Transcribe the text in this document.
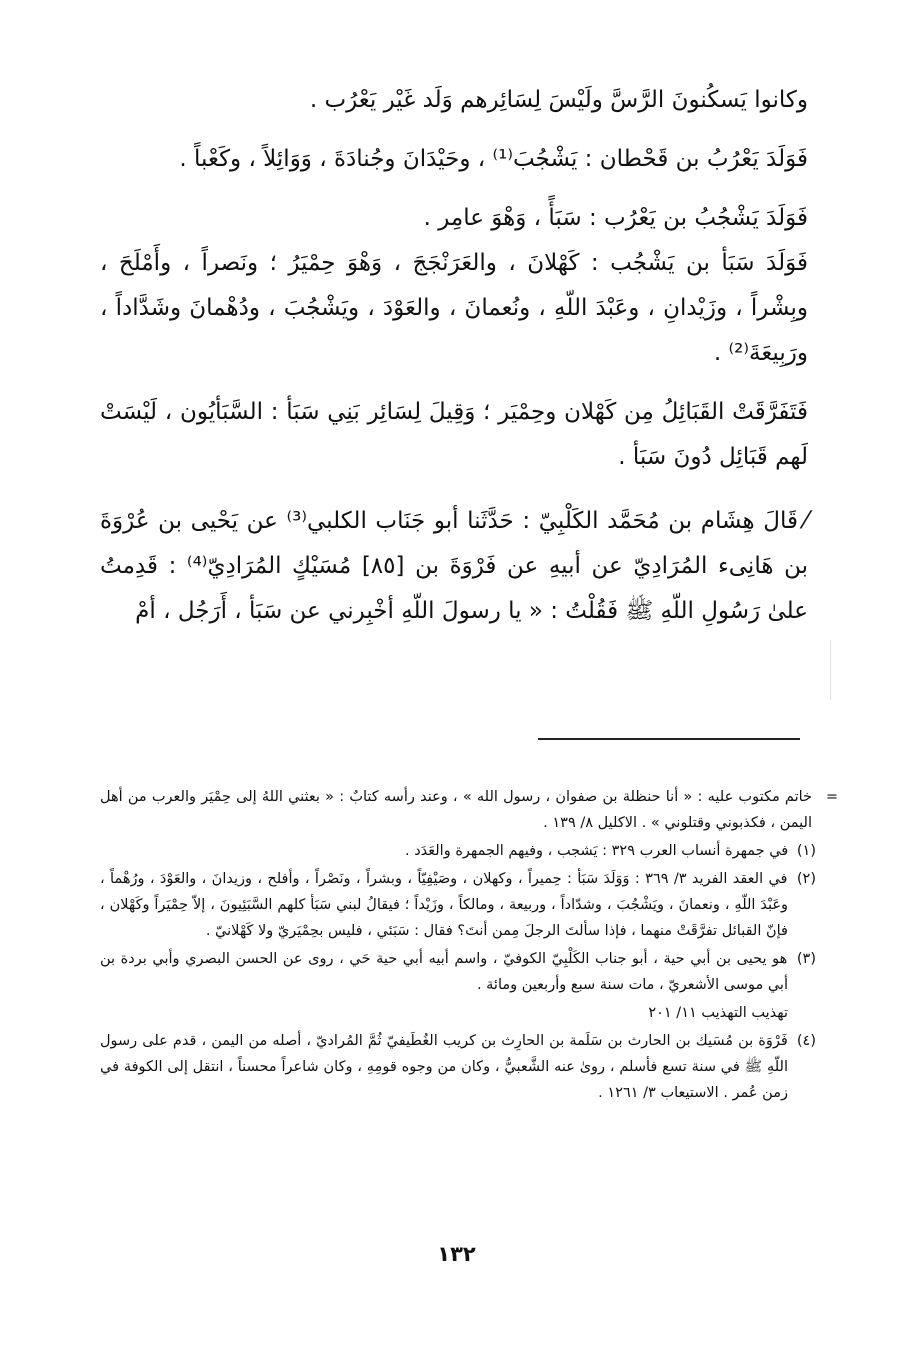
وكانوا يَسكُنونَ الرَّسَّ ولَيْسَ لِسَائِرهم وَلَد غَيْر يَعْرُب .

فَوَلَدَ يَعْرُبُ بن قَحْطان : يَشْجُبَ⁽¹⁾ ، وحَيْدَانَ وجُنادَةَ ، وَوَائِلاً ، وكَعْباً .

فَوَلَدَ يَشْجُبُ بن يَعْرُب : سَبَأً ، وَهْوَ عامِر .

فَوَلَدَ سَبَأ بن يَشْجُب : كَهْلانَ ، والعَرَنْجَجَ ، وَهْوَ حِمْيَرُ ؛ ونَصراً ، وأَمْلَحَ ، وبِشْراً ، وزَيْدانِ ، وعَبْدَ اللّهِ ، ونُعمانَ ، والعَوْدَ ، ويَشْجُبَ ، ودُهْمانَ وشَدَّاداً ، ورَبِيعَةَ⁽²⁾ .

فَتَفَرَّقَتْ القَبَائِلُ مِن كَهْلان وحِمْيَر ؛ وَقِيلَ لِسَائِر بَنِي سَبَأ : السَّبَأيُون ، لَيْسَتْ لَهم قَبَائِل دُونَ سَبَأ .

⁄قَالَ هِشَام بن مُحَمَّد الكَلْبِيّ : حَدَّثَنا أبو جَنَاب الكلبي⁽³⁾ عن يَحْيى بن عُرْوَةَ بن هَانِىء المُرَادِيّ عن أبيهِ عن فَرْوَةَ بن [٨٥] مُسَيْكٍ المُرَادِيّ⁽⁴⁾ : قَدِمتُ علىٰ رَسُولِ اللّهِ ﷺ فَقُلْتُ : « يا رسولَ اللّهِ أخْبِرني عن سَبَأ ، أَرَجُل ، أمْ

=
خاتم مكتوب عليه : « أنا حنظلة بن صفوان ، رسول الله » ، وعند رأسه كتابٌ : « بعثني اللهُ إلى حِمْيَر والعرب من أهل اليمن ، فكذبوني وقتلوني » . الاكليل ٨/ ١٣٩ .

(١) في جمهرة أنساب العرب ٣٢٩ : يَشجب ، وفيهم الجمهرة والعَدَد .

(٢) في العقد الفريد ٣/ ٣٦٩ : وَوَلَدَ سَبَأ : حِميراً ، وكهلان ، وصَيْفِيّاً ، وبشراً ، ونَصْراً ، وأفلح ، وزيدانَ ، والعَوْدَ ، ورُهْماً ، وعَبْدَ اللّهِ ، ونعمانَ ، ويَشْجُبَ ، وشدّاداً ، وربيعة ، ومالكاً ، وزَيْداً ؛ فيقالُ لبني سَبَأ كلهم السَّبَئِيونَ ، إلاّ حِمْيَراً وكَهْلان ، فإنّ القبائل تفرَّقَتْ منهما ، فإذا سألتَ الرجلَ مِمن أنتَ؟ فقال : سَبَئي ، فليس بحِمْيَريّ ولا كَهْلانيّ .

(٣) هو يحيى بن أبي حية ، أبو جناب الكَلْبِيّ الكوفيّ ، واسم أبيه أبي حية حَي ، روى عن الحسن البصري وأبي بردة بن أبي موسى الأشعريّ ، مات سنة سبع وأربعين ومائة .

تهذيب التهذيب ١١/ ٢٠١

(٤) فَرْوَة بن مُسَيك بن الحارث بن سَلَمة بن الحارِث بن كريب الغُطَيفيّ ثُمَّ المُراديّ ، أصله من اليمن ، قدم على رسول اللّهِ ﷺ في سنة تسع فأسلم ، روىٰ عنه الشَّعبيُّ ، وكان من وجوه قومِهِ ، وكان شاعراً محسناً ، انتقل إلى الكوفة في زمن عُمر . الاستيعاب ٣/ ١٢٦١ .

١٣٢
